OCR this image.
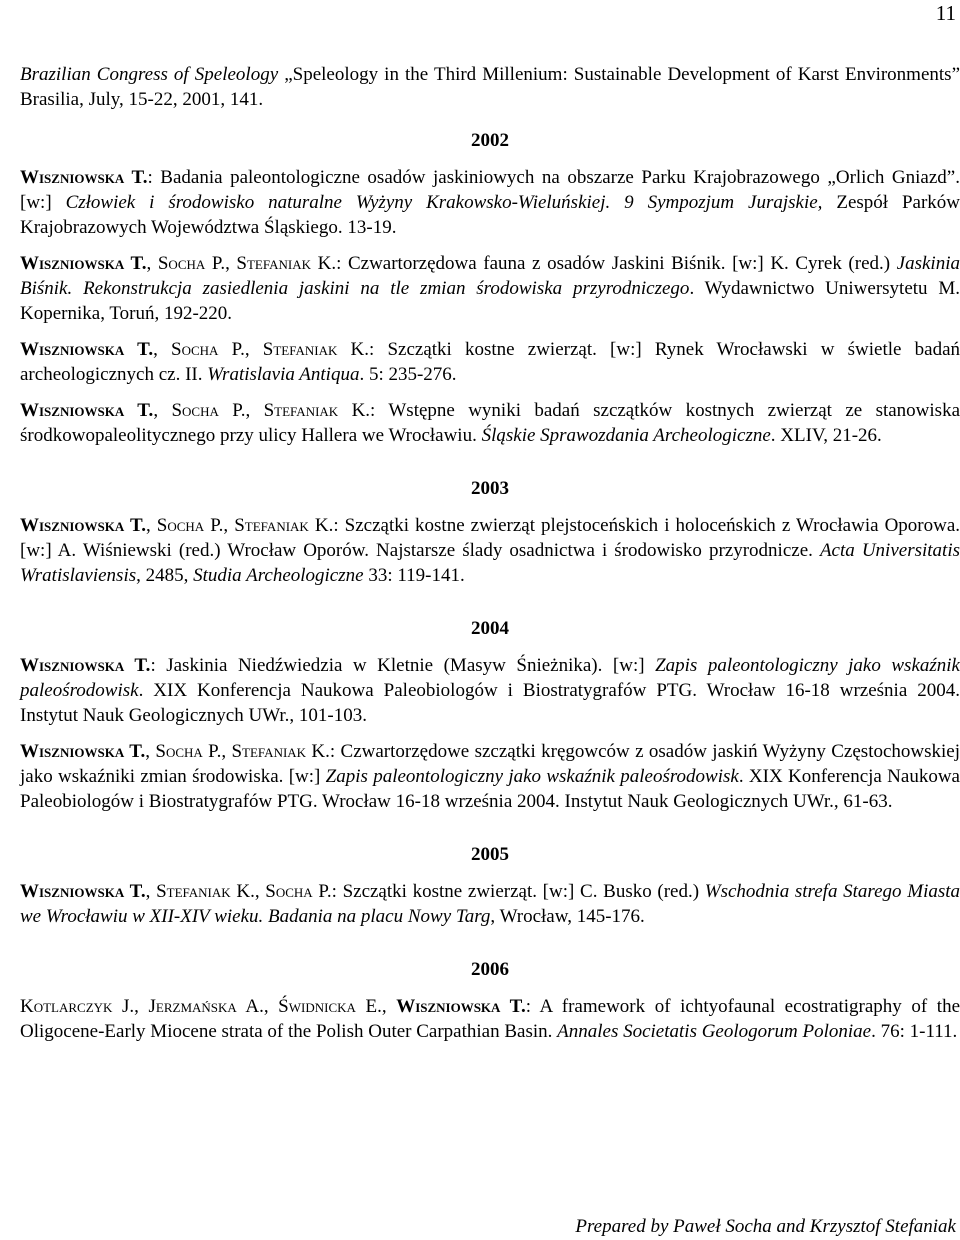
11

Brazilian Congress of Speleology „Speleology in the Third Millenium: Sustainable Development of Karst Environments” Brasilia, July, 15-22, 2001, 141.

2002

Wiszniowska T.: Badania paleontologiczne osadów jaskiniowych na obszarze Parku Krajobrazowego „Orlich Gniazd”. [w:] Człowiek i środowisko naturalne Wyżyny Krakowsko-Wieluńskiej. 9 Sympozjum Jurajskie, Zespół Parków Krajobrazowych Województwa Śląskiego. 13-19.

Wiszniowska T., Socha P., Stefaniak K.: Czwartorzędowa fauna z osadów Jaskini Biśnik. [w:] K. Cyrek (red.) Jaskinia Biśnik. Rekonstrukcja zasiedlenia jaskini na tle zmian środowiska przyrodniczego. Wydawnictwo Uniwersytetu M. Kopernika, Toruń, 192-220.

Wiszniowska T., Socha P., Stefaniak K.: Szczątki kostne zwierząt. [w:] Rynek Wrocławski w świetle badań archeologicznych cz. II. Wratislavia Antiqua. 5: 235-276.

Wiszniowska T., Socha P., Stefaniak K.: Wstępne wyniki badań szczątków kostnych zwierząt ze stanowiska środkowopaleolitycznego przy ulicy Hallera we Wrocławiu. Śląskie Sprawozdania Archeologiczne. XLIV, 21-26.

2003

Wiszniowska T., Socha P., Stefaniak K.: Szczątki kostne zwierząt plejstoceńskich i holoceńskich z Wrocławia Oporowa. [w:] A. Wiśniewski (red.) Wrocław Oporów. Najstarsze ślady osadnictwa i środowisko przyrodnicze. Acta Universitatis Wratislaviensis, 2485, Studia Archeologiczne 33: 119-141.

2004

Wiszniowska T.: Jaskinia Niedźwiedzia w Kletnie (Masyw Śnieżnika). [w:] Zapis paleontologiczny jako wskaźnik paleośrodowisk. XIX Konferencja Naukowa Paleobiologów i Biostratygrafów PTG. Wrocław 16-18 września 2004. Instytut Nauk Geologicznych UWr., 101-103.

Wiszniowska T., Socha P., Stefaniak K.: Czwartorzędowe szczątki kręgowców z osadów jaskiń Wyżyny Częstochowskiej jako wskaźniki zmian środowiska. [w:] Zapis paleontologiczny jako wskaźnik paleośrodowisk. XIX Konferencja Naukowa Paleobiologów i Biostratygrafów PTG. Wrocław 16-18 września 2004. Instytut Nauk Geologicznych UWr., 61-63.

2005

Wiszniowska T., Stefaniak K., Socha P.: Szczątki kostne zwierząt. [w:] C. Busko (red.) Wschodnia strefa Starego Miasta we Wrocławiu w XII-XIV wieku. Badania na placu Nowy Targ, Wrocław, 145-176.

2006

Kotlarczyk J., Jerzmańska A., Świdnicka E., Wiszniowska T.: A framework of ichtyofaunal ecostratigraphy of the Oligocene-Early Miocene strata of the Polish Outer Carpathian Basin. Annales Societatis Geologorum Poloniae. 76: 1-111.

Prepared by Paweł Socha and Krzysztof Stefaniak
